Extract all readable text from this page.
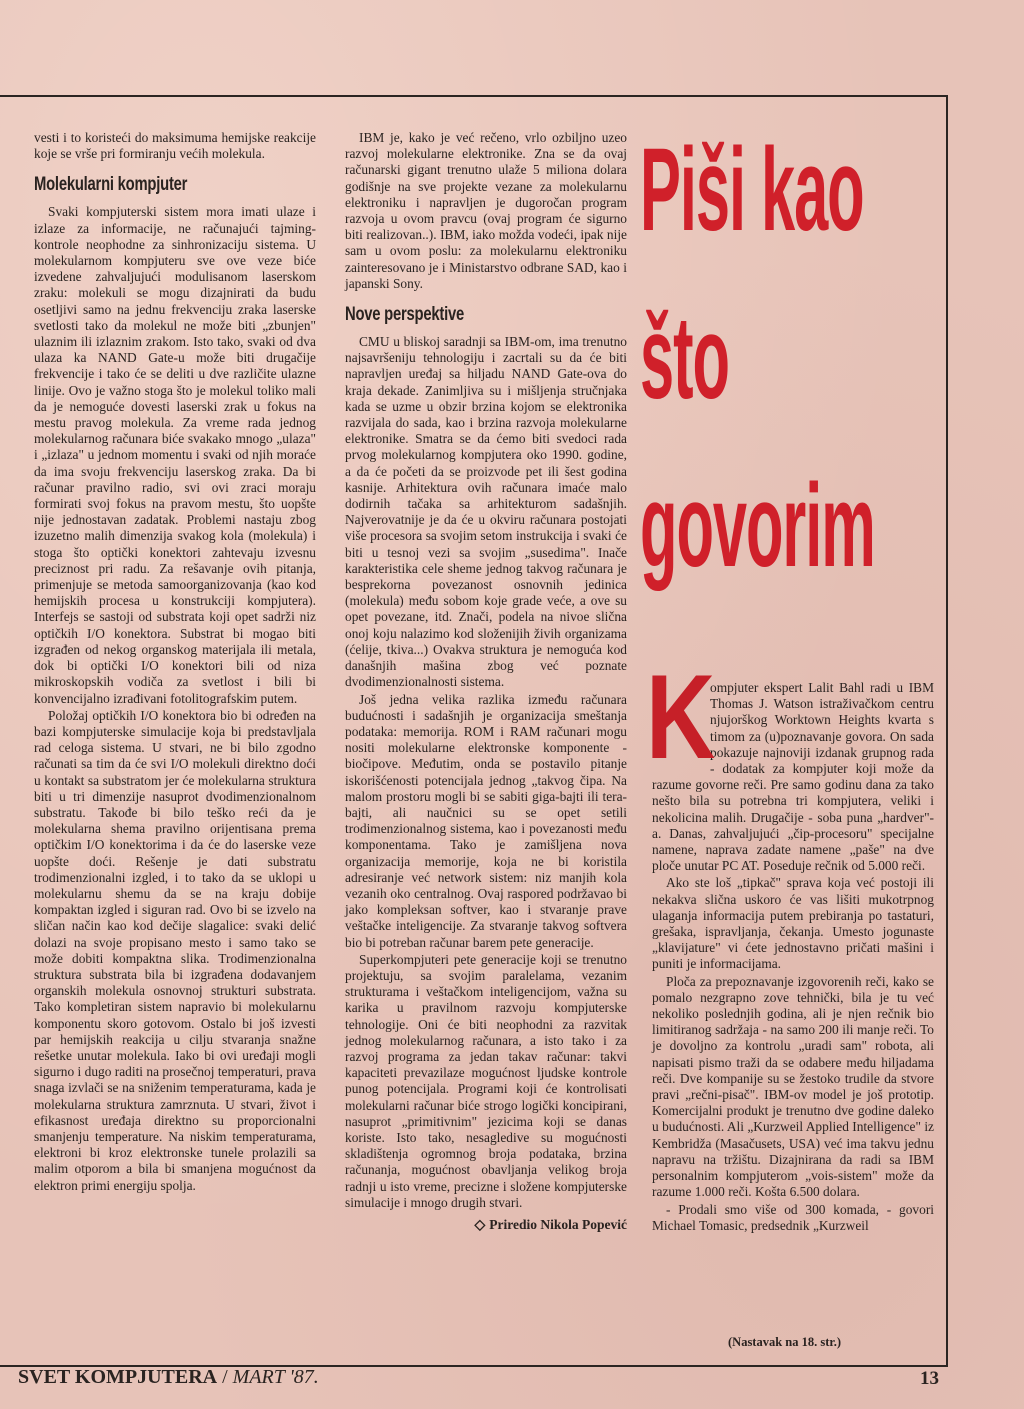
vesti i to koristeći do maksimuma hemijske reakcije koje se vrše pri formiranju većih molekula.

Molekularni kompjuter

Svaki kompjuterski sistem mora imati ulaze i izlaze za informacije, ne računajući tajming-kontrole neophodne za sinhronizaciju sistema. U molekularnom kompjuteru sve ove veze biće izvedene zahvaljujući modulisanom laserskom zraku: molekuli se mogu dizajnirati da budu osetljivi samo na jednu frekvenciju zraka laserske svetlosti tako da molekul ne može biti „zbunjen" ulaznim ili izlaznim zrakom. Isto tako, svaki od dva ulaza ka NAND Gate-u može biti drugačije frekvencije i tako će se deliti u dve različite ulazne linije. Ovo je važno stoga što je molekul toliko mali da je nemoguće dovesti laserski zrak u fokus na mestu pravog molekula. Za vreme rada jednog molekularnog računara biće svakako mnogo „ulaza" i „izlaza" u jednom momentu i svaki od njih moraće da ima svoju frekvenciju laserskog zraka. Da bi računar pravilno radio, svi ovi zraci moraju formirati svoj fokus na pravom mestu, što uopšte nije jednostavan zadatak. Problemi nastaju zbog izuzetno malih dimenzija svakog kola (molekula) i stoga što optički konektori zahtevaju izvesnu preciznost pri radu. Za rešavanje ovih pitanja, primenjuje se metoda samoorganizovanja (kao kod hemijskih procesa u konstrukciji kompjutera). Interfejs se sastoji od substrata koji opet sadrži niz optičkih I/O konektora. Substrat bi mogao biti izgrađen od nekog organskog materijala ili metala, dok bi optički I/O konektori bili od niza mikroskopskih vodiča za svetlost i bili bi konvencijalno izrađivani fotolitografskim putem.

Položaj optičkih I/O konektora bio bi određen na bazi kompjuterske simulacije koja bi predstavljala rad celoga sistema. U stvari, ne bi bilo zgodno računati sa tim da će svi I/O molekuli direktno doći u kontakt sa substratom jer će molekularna struktura biti u tri dimenzije nasuprot dvodimenzionalnom substratu. Takođe bi bilo teško reći da je molekularna shema pravilno orijentisana prema optičkim I/O konektorima i da će do laserske veze uopšte doći. Rešenje je dati substratu trodimenzionalni izgled, i to tako da se uklopi u molekularnu shemu da se na kraju dobije kompaktan izgled i siguran rad. Ovo bi se izvelo na sličan način kao kod dečije slagalice: svaki delić dolazi na svoje propisano mesto i samo tako se može dobiti kompaktna slika. Trodimenzionalna struktura substrata bila bi izgrađena dodavanjem organskih molekula osnovnoj strukturi substrata. Tako kompletiran sistem napravio bi molekularnu komponentu skoro gotovom. Ostalo bi još izvesti par hemijskih reakcija u cilju stvaranja snažne rešetke unutar molekula. Iako bi ovi uređaji mogli sigurno i dugo raditi na prosečnoj temperaturi, prava snaga izvlači se na sniženim temperaturama, kada je molekularna struktura zamrznuta. U stvari, život i efikasnost uređaja direktno su proporcionalni smanjenju temperature. Na niskim temperaturama, elektroni bi kroz elektronske tunele prolazili sa malim otporom a bila bi smanjena mogućnost da elektron primi energiju spolja.

IBM je, kako je već rečeno, vrlo ozbiljno uzeo razvoj molekularne elektronike. Zna se da ovaj računarski gigant trenutno ulaže 5 miliona dolara godišnje na sve projekte vezane za molekularnu elektroniku i napravljen je dugoročan program razvoja u ovom pravcu (ovaj program će sigurno biti realizovan..). IBM, iako možda vodeći, ipak nije sam u ovom poslu: za molekularnu elektroniku zainteresovano je i Ministarstvo odbrane SAD, kao i japanski Sony.

Nove perspektive

CMU u bliskoj saradnji sa IBM-om, ima trenutno najsavršeniju tehnologiju i zacrtali su da će biti napravljen uređaj sa hiljadu NAND Gate-ova do kraja dekade. Zanimljiva su i mišljenja stručnjaka kada se uzme u obzir brzina kojom se elektronika razvijala do sada, kao i brzina razvoja molekularne elektronike. Smatra se da ćemo biti svedoci rada prvog molekularnog kompjutera oko 1990. godine, a da će početi da se proizvode pet ili šest godina kasnije. Arhitektura ovih računara imaće malo dodirnih tačaka sa arhitekturom sadašnjih. Najverovatnije je da će u okviru računara postojati više procesora sa svojim setom instrukcija i svaki će biti u tesnoj vezi sa svojim „susedima". Inače karakteristika cele sheme jednog takvog računara je besprekorna povezanost osnovnih jedinica (molekula) među sobom koje grade veće, a ove su opet povezane, itd. Znači, podela na nivoe slična onoj koju nalazimo kod složenijih živih organizama (ćelije, tkiva...) Ovakva struktura je nemoguća kod današnjih mašina zbog već poznate dvodimenzionalnosti sistema.

Još jedna velika razlika između računara budućnosti i sadašnjih je organizacija smeštanja podataka: memorija. ROM i RAM računari mogu nositi molekularne elektronske komponente - biočipove. Međutim, onda se postavilo pitanje iskorišćenosti potencijala jednog „takvog čipa. Na malom prostoru mogli bi se sabiti giga-bajti ili tera-bajti, ali naučnici su se opet setili trodimenzionalnog sistema, kao i povezanosti među komponentama. Tako je zamišljena nova organizacija memorije, koja ne bi koristila adresiranje već network sistem: niz manjih kola vezanih oko centralnog. Ovaj raspored podržavao bi jako kompleksan softver, kao i stvaranje prave veštačke inteligencije. Za stvaranje takvog softvera bio bi potreban računar barem pete generacije.

Superkompjuteri pete generacije koji se trenutno projektuju, sa svojim paralelama, vezanim strukturama i veštačkom inteligencijom, važna su karika u pravilnom razvoju kompjuterske tehnologije. Oni će biti neophodni za razvitak jednog molekularnog računara, a isto tako i za razvoj programa za jedan takav računar: takvi kapaciteti prevazilaze mogućnost ljudske kontrole punog potencijala. Programi koji će kontrolisati molekularni računar biće strogo logički koncipirani, nasuprot „primitivnim" jezicima koji se danas koriste. Isto tako, nesagledive su mogućnosti skladištenja ogromnog broja podataka, brzina računanja, mogućnost obavljanja velikog broja radnji u isto vreme, precizne i složene kompjuterske simulacije i mnogo drugih stvari.

◇ Priredio Nikola Popević
Piši kao
što
govorim
K

ompjuter ekspert Lalit Bahl radi u IBM Thomas J. Watson istraživačkom centru njujorškog Worktown Heights kvarta s timom za (u)poznavanje govora. On sada pokazuje najnoviji izdanak grupnog rada - dodatak za kompjuter koji može da razume govorne reči. Pre samo godinu dana za tako nešto bila su potrebna tri kompjutera, veliki i nekolicina malih. Drugačije - soba puna „hardver"-a. Danas, zahvaljujući „čip-procesoru" specijalne namene, naprava zadate namene „paše" na dve ploče unutar PC AT. Poseduje rečnik od 5.000 reči.

Ako ste loš „tipkač" sprava koja već postoji ili nekakva slična uskoro će vas lišiti mukotrpnog ulaganja informacija putem prebiranja po tastaturi, grešaka, ispravljanja, čekanja. Umesto jogunaste „klavijature" vi ćete jednostavno pričati mašini i puniti je informacijama.

Ploča za prepoznavanje izgovorenih reči, kako se pomalo nezgrapno zove tehnički, bila je tu već nekoliko poslednjih godina, ali je njen rečnik bio limitiranog sadržaja - na samo 200 ili manje reči. To je dovoljno za kontrolu „uradi sam" robota, ali napisati pismo traži da se odabere među hiljadama reči. Dve kompanije su se žestoko trudile da stvore pravi „rečni-pisač". IBM-ov model je još prototip. Komercijalni produkt je trenutno dve godine daleko u budućnosti. Ali „Kurzweil Applied Intelligence" iz Kembridža (Masačusets, USA) već ima takvu jednu napravu na tržištu. Dizajnirana da radi sa IBM personalnim kompjuterom „vois-sistem" može da razume 1.000 reči. Košta 6.500 dolara.

- Prodali smo više od 300 komada, - govori Michael Tomasic, predsednik „Kurzweil

(Nastavak na 18. str.)
SVET KOMPJUTERA / MART '87.	13
